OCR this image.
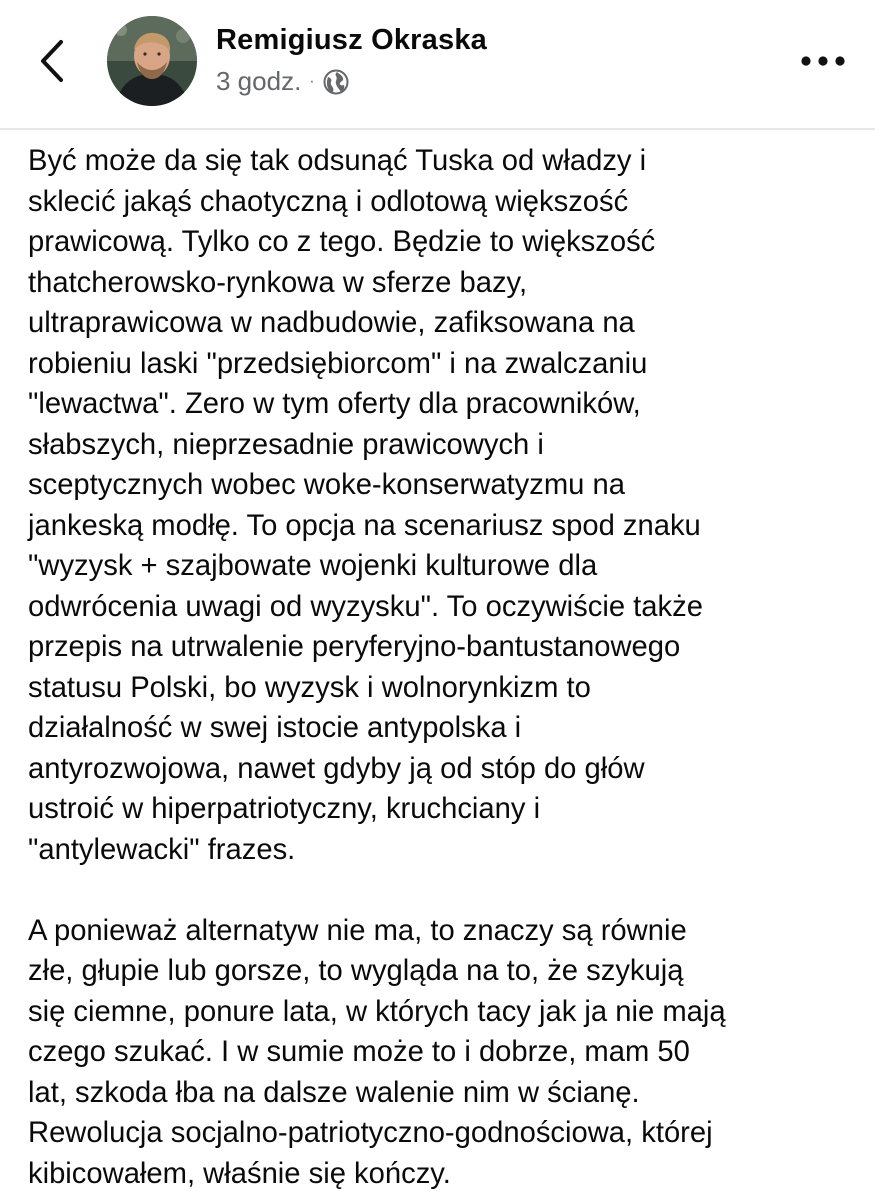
Remigiusz Okraska
3 godz. ·
Być może da się tak odsunąć Tuska od władzy i
sklecić jakąś chaotyczną i odlotową większość
prawicową. Tylko co z tego. Będzie to większość
thatcherowsko-rynkowa w sferze bazy,
ultraprawicowa w nadbudowie, zafiksowana na
robieniu laski "przedsiębiorcom" i na zwalczaniu
"lewactwa". Zero w tym oferty dla pracowników,
słabszych, nieprzesadnie prawicowych i
sceptycznych wobec woke-konserwatyzmu na
jankeską modłę. To opcja na scenariusz spod znaku
"wyzysk + szajbowate wojenki kulturowe dla
odwrócenia uwagi od wyzysku". To oczywiście także
przepis na utrwalenie peryferyjno-bantustanowego
statusu Polski, bo wyzysk i wolnorynkizm to
działalność w swej istocie antypolska i
antyrozwojowa, nawet gdyby ją od stóp do głów
ustroić w hiperpatriotyczny, kruchciany i
"antylewacki" frazes.
A ponieważ alternatyw nie ma, to znaczy są równie
złe, głupie lub gorsze, to wygląda na to, że szykują
się ciemne, ponure lata, w których tacy jak ja nie mają
czego szukać. I w sumie może to i dobrze, mam 50
lat, szkoda łba na dalsze walenie nim w ścianę.
Rewolucja socjalno-patriotyczno-godnościowa, której
kibicowałem, właśnie się kończy.
